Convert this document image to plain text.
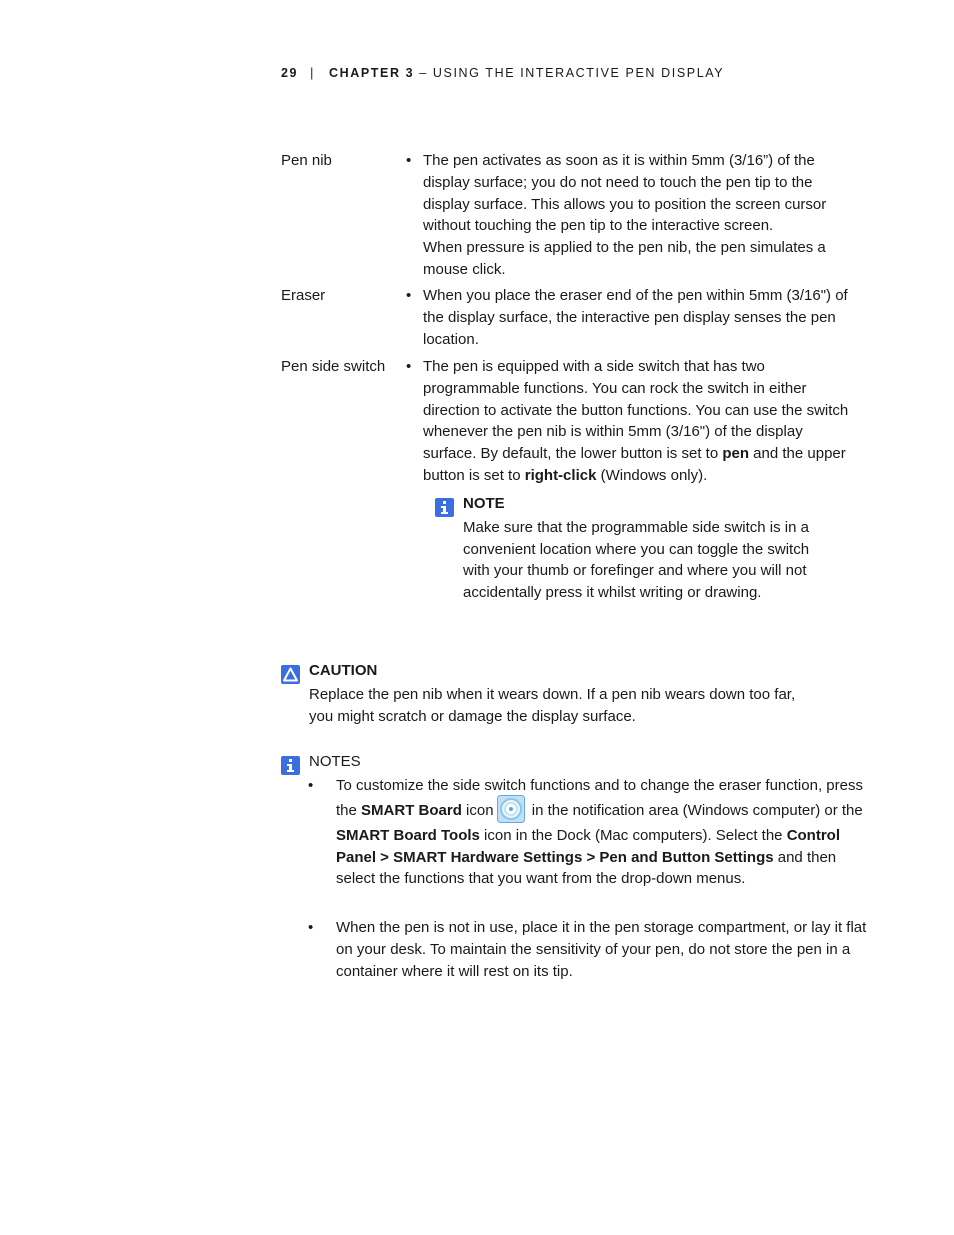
29 | CHAPTER 3 – USING THE INTERACTIVE PEN DISPLAY
Pen nib	• The pen activates as soon as it is within 5mm (3/16”) of the display surface; you do not need to touch the pen tip to the display surface. This allows you to position the screen cursor without touching the pen tip to the interactive screen.

When pressure is applied to the pen nib, the pen simulates a mouse click.

Eraser	• When you place the eraser end of the pen within 5mm (3/16") of the display surface, the interactive pen display senses the pen location.

Pen side switch • The pen is equipped with a side switch that has two programmable functions. You can rock the switch in either direction to activate the button functions. You can use the switch whenever the pen nib is within 5mm (3/16") of the display surface. By default, the lower button is set to pen and the upper button is set to right-click (Windows only).

NOTE
Make sure that the programmable side switch is in a convenient location where you can toggle the switch with your thumb or forefinger and where you will not accidentally press it whilst writing or drawing.
CAUTION
Replace the pen nib when it wears down. If a pen nib wears down too far,
you might scratch or damage the display surface.
NOTES
• To customize the side switch functions and to change the eraser function, press the SMART Board icon in the notification area (Windows computer) or the SMART Board Tools icon in the Dock (Mac computers). Select the Control Panel > SMART Hardware Settings > Pen and Button Settings and then select the functions that you want from the drop-down menus.
• When the pen is not in use, place it in the pen storage compartment, or lay it flat on your desk. To maintain the sensitivity of your pen, do not store the pen in a container where it will rest on its tip.
